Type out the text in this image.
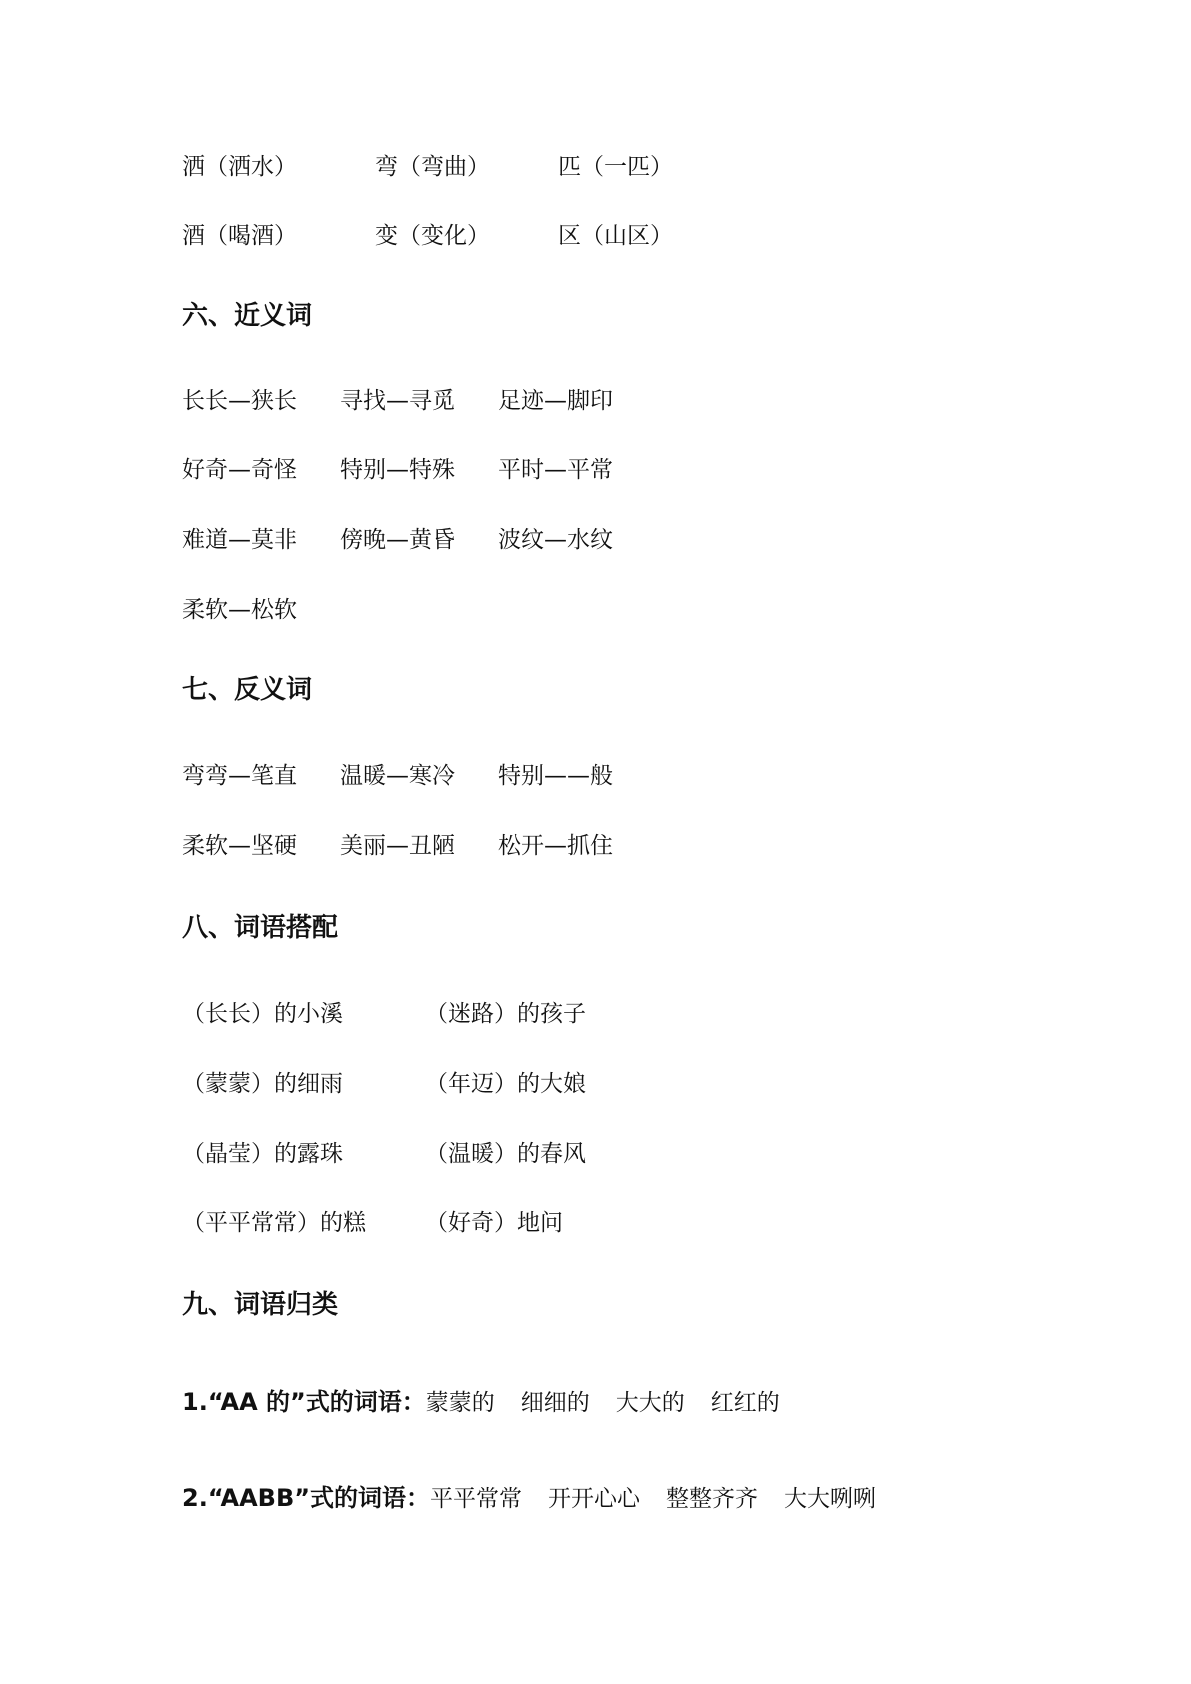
洒（洒水）	弯（弯曲）	匹（一匹）
酒（喝酒）	变（变化）	区（山区）
六、近义词
长长—狭长 寻找—寻觅 足迹—脚印
好奇—奇怪 特别—特殊 平时—平常
难道—莫非 傍晚—黄昏 波纹—水纹
柔软—松软
七、反义词
弯弯—笔直 温暖—寒冷 特别——般
柔软—坚硬 美丽—丑陋 松开—抓住
八、词语搭配
（长长）的小溪	（迷路）的孩子
（蒙蒙）的细雨	（年迈）的大娘
（晶莹）的露珠	（温暖）的春风
（平平常常）的糕	（好奇）地问
九、词语归类
1.“AA 的”式的词语：蒙蒙的 细细的 大大的 红红的
2.“AABB”式的词语：平平常常 开开心心 整整齐齐 大大咧咧
